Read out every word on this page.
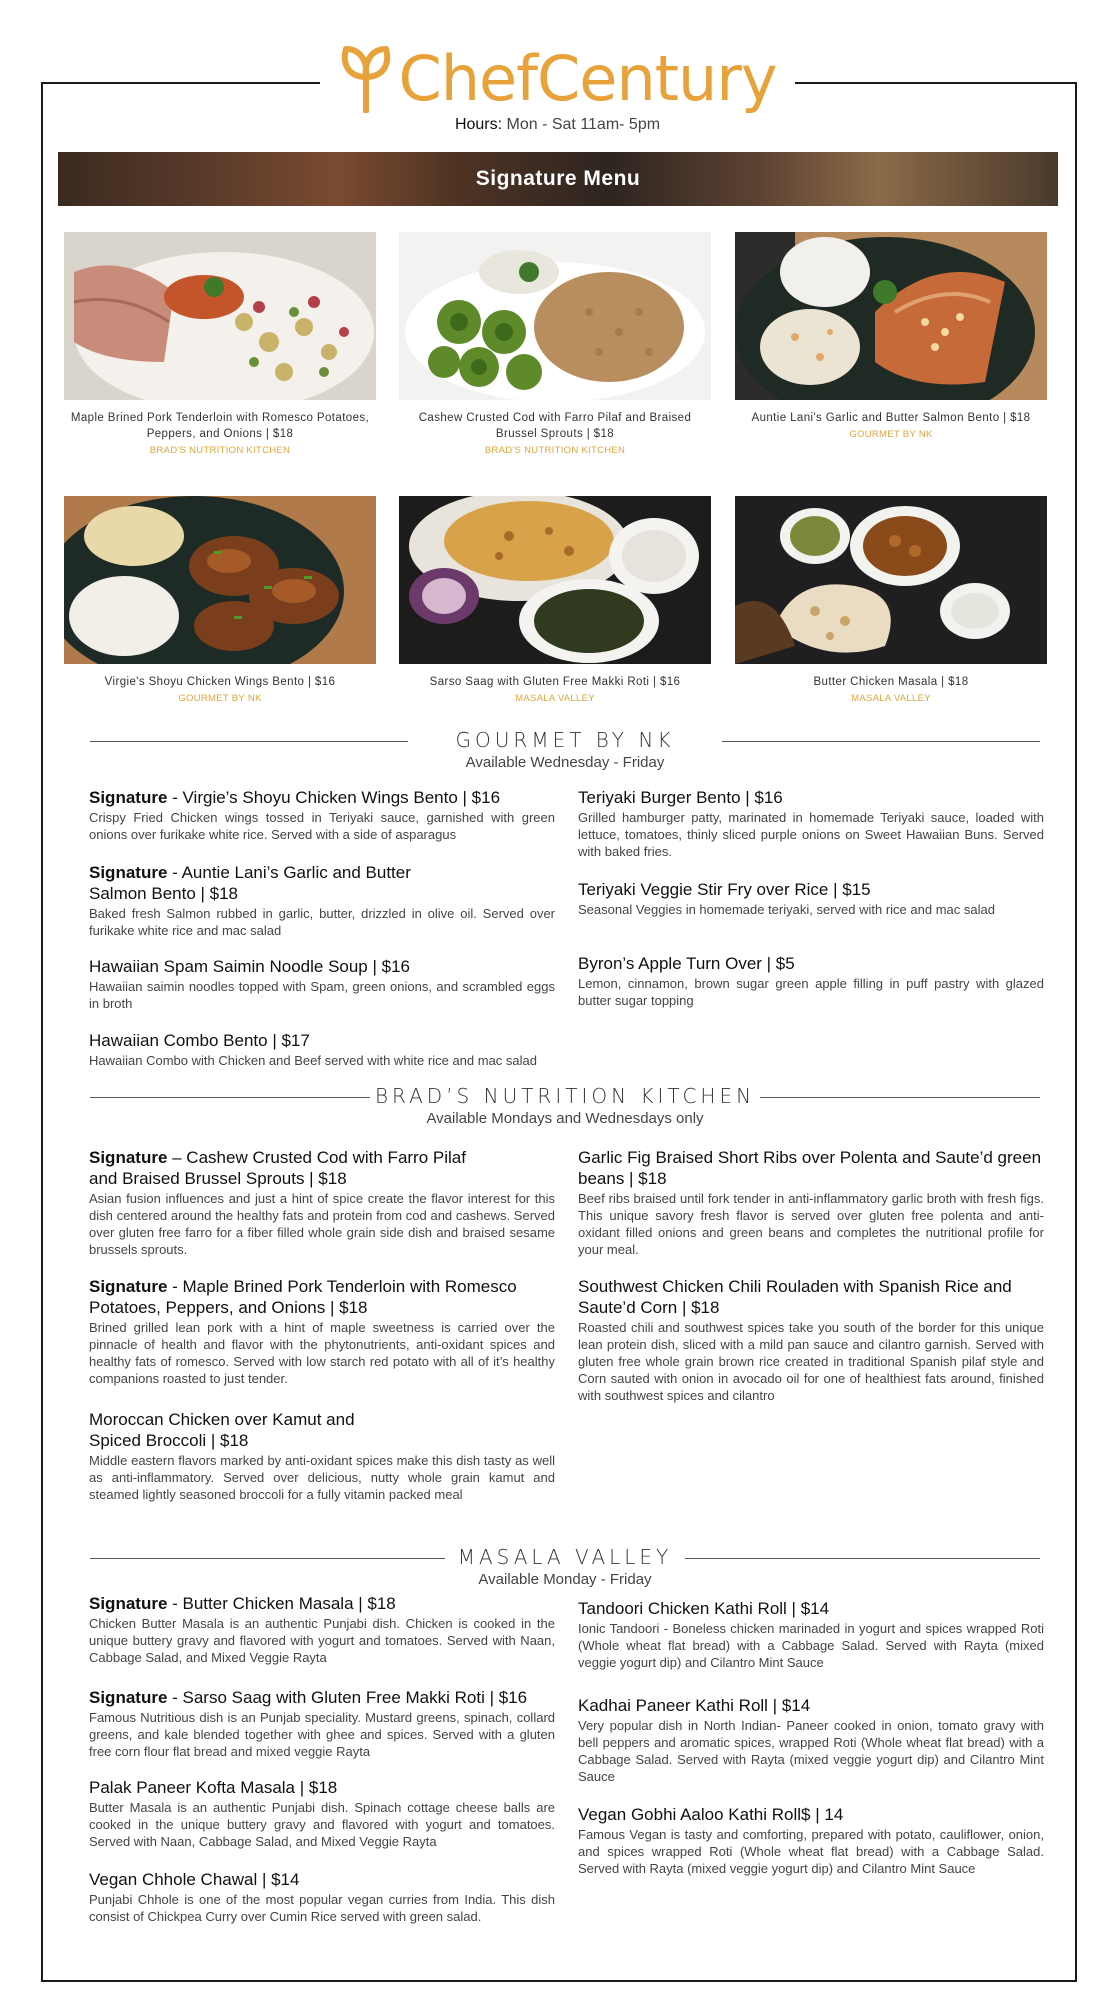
ChefCentury
Hours: Mon - Sat 11am- 5pm
Signature Menu
Maple Brined Pork Tenderloin with Romesco Potatoes, Peppers, and Onions | $18
BRAD'S NUTRITION KITCHEN
Cashew Crusted Cod with Farro Pilaf and Braised Brussel Sprouts | $18
BRAD'S NUTRITION KITCHEN
Auntie Lani's Garlic and Butter Salmon Bento | $18
GOURMET BY NK
Virgie's Shoyu Chicken Wings Bento | $16
GOURMET BY NK
Sarso Saag with Gluten Free Makki Roti | $16
MASALA VALLEY
Butter Chicken Masala | $18
MASALA VALLEY
GOURMET BY NK
Available Wednesday - Friday
Signature - Virgie’s Shoyu Chicken Wings Bento | $16
Crispy Fried Chicken wings tossed in Teriyaki sauce, garnished with green onions over furikake white rice. Served with a side of asparagus
Signature - Auntie Lani’s Garlic and Butter Salmon Bento | $18
Baked fresh Salmon rubbed in garlic, butter, drizzled in olive oil. Served over furikake white rice and mac salad
Hawaiian Spam Saimin Noodle Soup | $16
Hawaiian saimin noodles topped with Spam, green onions, and scrambled eggs in broth
Hawaiian Combo Bento | $17
Hawaiian Combo with Chicken and Beef served with white rice and mac salad
Teriyaki Burger Bento | $16
Grilled hamburger patty, marinated in homemade Teriyaki sauce, loaded with lettuce, tomatoes, thinly sliced purple onions on Sweet Hawaiian Buns. Served with baked fries.
Teriyaki Veggie Stir Fry over Rice | $15
Seasonal Veggies in homemade teriyaki, served with rice and mac salad
Byron’s Apple Turn Over | $5
Lemon, cinnamon, brown sugar green apple filling in puff pastry with glazed butter sugar topping
BRAD’S NUTRITION KITCHEN
Available Mondays and Wednesdays only
Signature – Cashew Crusted Cod with Farro Pilaf and Braised Brussel Sprouts | $18
Asian fusion influences and just a hint of spice create the flavor interest for this dish centered around the healthy fats and protein from cod and cashews. Served over gluten free farro for a fiber filled whole grain side dish and braised sesame brussels sprouts.
Signature - Maple Brined Pork Tenderloin with Romesco Potatoes, Peppers, and Onions | $18
Brined grilled lean pork with a hint of maple sweetness is carried over the pinnacle of health and flavor with the phytonutrients, anti-oxidant spices and healthy fats of romesco. Served with low starch red potato with all of it’s healthy companions roasted to just tender.
Moroccan Chicken over Kamut and Spiced Broccoli | $18
Middle eastern flavors marked by anti-oxidant spices make this dish tasty as well as anti-inflammatory. Served over delicious, nutty whole grain kamut and steamed lightly seasoned broccoli for a fully vitamin packed meal
Garlic Fig Braised Short Ribs over Polenta and Saute’d green beans | $18
Beef ribs braised until fork tender in anti-inflammatory garlic broth with fresh figs. This unique savory fresh flavor is served over gluten free polenta and anti-oxidant filled onions and green beans and completes the nutritional profile for your meal.
Southwest Chicken Chili Rouladen with Spanish Rice and Saute’d Corn | $18
Roasted chili and southwest spices take you south of the border for this unique lean protein dish, sliced with a mild pan sauce and cilantro garnish. Served with gluten free whole grain brown rice created in traditional Spanish pilaf style and Corn sauted with onion in avocado oil for one of healthiest fats around, finished with southwest spices and cilantro
MASALA VALLEY
Available Monday - Friday
Signature - Butter Chicken Masala | $18
Chicken Butter Masala is an authentic Punjabi dish. Chicken is cooked in the unique buttery gravy and flavored with yogurt and tomatoes. Served with Naan, Cabbage Salad, and Mixed Veggie Rayta
Signature - Sarso Saag with Gluten Free Makki Roti | $16
Famous Nutritious dish is an Punjab speciality. Mustard greens, spinach, collard greens, and kale blended together with ghee and spices. Served with a gluten free corn flour flat bread and mixed veggie Rayta
Palak Paneer Kofta Masala | $18
Butter Masala is an authentic Punjabi dish. Spinach cottage cheese balls are cooked in the unique buttery gravy and flavored with yogurt and tomatoes. Served with Naan, Cabbage Salad, and Mixed Veggie Rayta
Vegan Chhole Chawal | $14
Punjabi Chhole is one of the most popular vegan curries from India. This dish consist of Chickpea Curry over Cumin Rice served with green salad.
Tandoori Chicken Kathi Roll | $14
Ionic Tandoori - Boneless chicken marinaded in yogurt and spices wrapped Roti (Whole wheat flat bread) with a Cabbage Salad. Served with Rayta (mixed veggie yogurt dip) and Cilantro Mint Sauce
Kadhai Paneer Kathi Roll | $14
Very popular dish in North Indian- Paneer cooked in onion, tomato gravy with bell peppers and aromatic spices, wrapped Roti (Whole wheat flat bread) with a Cabbage Salad. Served with Rayta (mixed veggie yogurt dip) and Cilantro Mint Sauce
Vegan Gobhi Aaloo Kathi Roll$ | 14
Famous Vegan is tasty and comforting, prepared with potato, cauliflower, onion, and spices wrapped Roti (Whole wheat flat bread) with a Cabbage Salad. Served with Rayta (mixed veggie yogurt dip) and Cilantro Mint Sauce
